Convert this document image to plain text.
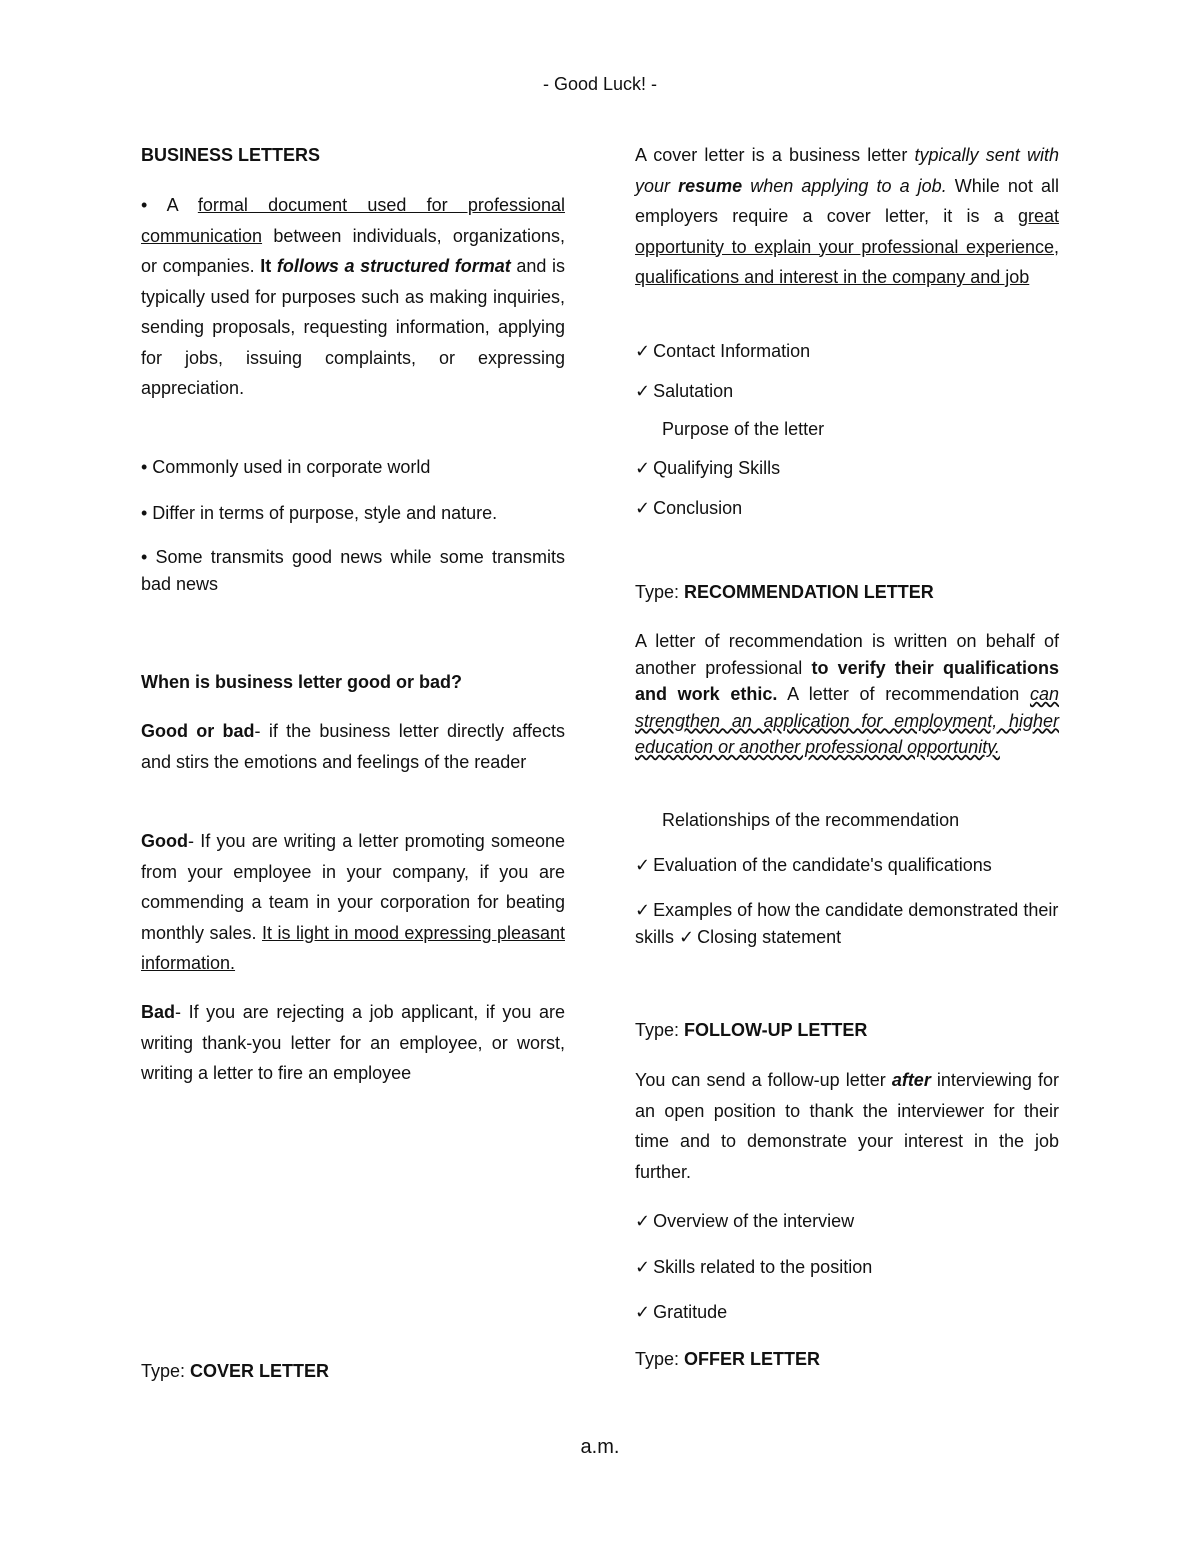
- Good Luck! -
BUSINESS LETTERS

• A formal document used for professional communication between individuals, organizations, or companies. It follows a structured format and is typically used for purposes such as making inquiries, sending proposals, requesting information, applying for jobs, issuing complaints, or expressing appreciation.

• Commonly used in corporate world

• Differ in terms of purpose, style and nature.

• Some transmits good news while some transmits bad news

When is business letter good or bad?

Good or bad- if the business letter directly affects and stirs the emotions and feelings of the reader

Good- If you are writing a letter promoting someone from your employee in your company, if you are commending a team in your corporation for beating monthly sales. It is light in mood expressing pleasant information.

Bad- If you are rejecting a job applicant, if you are writing thank-you letter for an employee, or worst, writing a letter to fire an employee

Type: COVER LETTER

A cover letter is a business letter typically sent with your resume when applying to a job. While not all employers require a cover letter, it is a great opportunity to explain your professional experience, qualifications and interest in the company and job

✓ Contact Information

✓ Salutation

Purpose of the letter

✓ Qualifying Skills

✓ Conclusion

Type: RECOMMENDATION LETTER

A letter of recommendation is written on behalf of another professional to verify their qualifications and work ethic. A letter of recommendation can strengthen an application for employment, higher education or another professional opportunity.

Relationships of the recommendation

✓ Evaluation of the candidate's qualifications

✓ Examples of how the candidate demonstrated their skills ✓ Closing statement

Type: FOLLOW-UP LETTER

You can send a follow-up letter after interviewing for an open position to thank the interviewer for their time and to demonstrate your interest in the job further.

✓ Overview of the interview

✓ Skills related to the position

✓ Gratitude

Type: OFFER LETTER
a.m.
